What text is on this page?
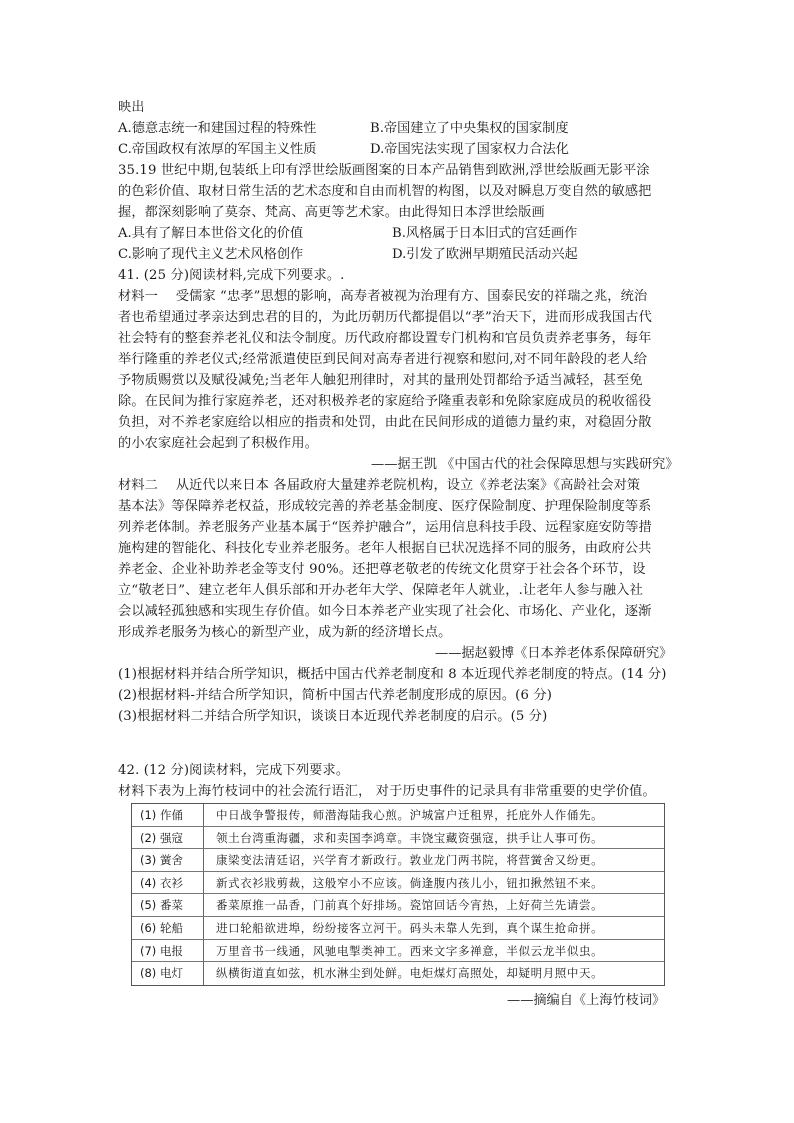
映出
A.德意志统一和建国过程的特殊性	B.帝国建立了中央集权的国家制度
C.帝国政权有浓厚的军国主义性质	D.帝国宪法实现了国家权力合法化
35.19 世纪中期,包装纸上印有浮世绘版画图案的日本产品销售到欧洲,浮世绘版画无影平涂
的色彩价值、取材日常生活的艺术态度和自由而机智的构图，以及对瞬息万变自然的敏感把
握，都深刻影响了莫奈、梵高、高更等艺术家。由此得知日本浮世绘版画
A.具有了解日本世俗文化的价值	B.风格属于日本旧式的宫廷画作
C.影响了现代主义艺术风格创作	D.引发了欧洲早期殖民活动兴起
41. (25 分)阅读材料,完成下列要求。.
材料一　 受儒家 “忠孝”思想的影响，高寿者被视为治理有方、国泰民安的祥瑞之兆，统治
者也希望通过孝亲达到忠君的目的，为此历朝历代都提倡以“孝”治天下，进而形成我国古代
社会特有的整套养老礼仪和法令制度。历代政府都设置专门机构和官员负责养老事务，每年
举行隆重的养老仪式;经常派遣使臣到民间对高寿者进行视察和慰问,对不同年龄段的老人给
予物质赐赏以及赋役减免;当老年人触犯刑律时，对其的量刑处罚都给予适当减轻，甚至免
除。在民间为推行家庭养老，还对积极养老的家庭给予隆重表彰和免除家庭成员的税收徭役
负担，对不养老家庭给以相应的指责和处罚，由此在民间形成的道德力量约束，对稳固分散
的小农家庭社会起到了积极作用。
——据王凯 《中国古代的社会保障思想与实践研究》
材料二　 从近代以来日本 各届政府大量建养老院机构，设立《养老法案》《高龄社会对策
基本法》等保障养老权益，形成较完善的养老基金制度、医疗保险制度、护理保险制度等系
列养老体制。养老服务产业基本属于“医养护融合”，运用信息科技手段、远程家庭安防等措
施构建的智能化、科技化专业养老服务。老年人根据自已状况选择不同的服务，由政府公共
养老金、企业补助养老金等支付 90%。还把尊老敬老的传统文化贯穿于社会各个环节，设
立“敬老日”、建立老年人俱乐部和开办老年大学、保障老年人就业，.让老年人参与融入社
会以减轻孤独感和实现生存价值。如今日本养老产业实现了社会化、市场化、产业化，逐渐
形成养老服务为核心的新型产业，成为新的经济增长点。
——据赵毅博《日本养老体系保障研究》
(1)根据材料并结合所学知识，概括中国古代养老制度和 8 本近现代养老制度的特点。(14 分)
(2)根据材料-并结合所学知识，简析中国古代养老制度形成的原因。(6 分)
(3)根据材料二并结合所学知识，谈谈日本近现代养老制度的启示。(5 分)
42. (12 分)阅读材料，完成下列要求。
材料下表为上海竹枝词中的社会流行语汇， 对于历史事件的记录具有非常重要的史学价值。
(1) 作俑	中日战争警报传，师潜海陆我心煎。沪城富户迁租界，托庇外人作俑先。
(2) 强寇	领土台湾重海疆，求和卖国李鸿章。丰饶宝藏资强寇，拱手让人事可伤。
(3) 黉舍	康梁变法清廷诏，兴学育才新政行。敦业龙门两书院，将营黉舍又纷更。
(4) 衣衫	新式衣衫戕剪裁，这般窄小不应该。倘逢腹内孩儿小，钮扣揪然钮不来。
(5) 番菜	番菜原推一品香，门前真个好排场。瓷馆回话今宵热，上好荷兰先请尝。
(6) 轮船	进口轮船欲进埠，纷纷接客立河干。码头未靠人先到，真个谋生抢命拼。
(7) 电报	万里音书一线通，风驰电掣类神工。西来文字多禅意，半似云龙半似虫。
(8) 电灯	纵横街道直如弦，机水淋尘到处鲜。电炬煤灯高照处，却疑明月照中天。
——摘编自《上海竹枝词》
